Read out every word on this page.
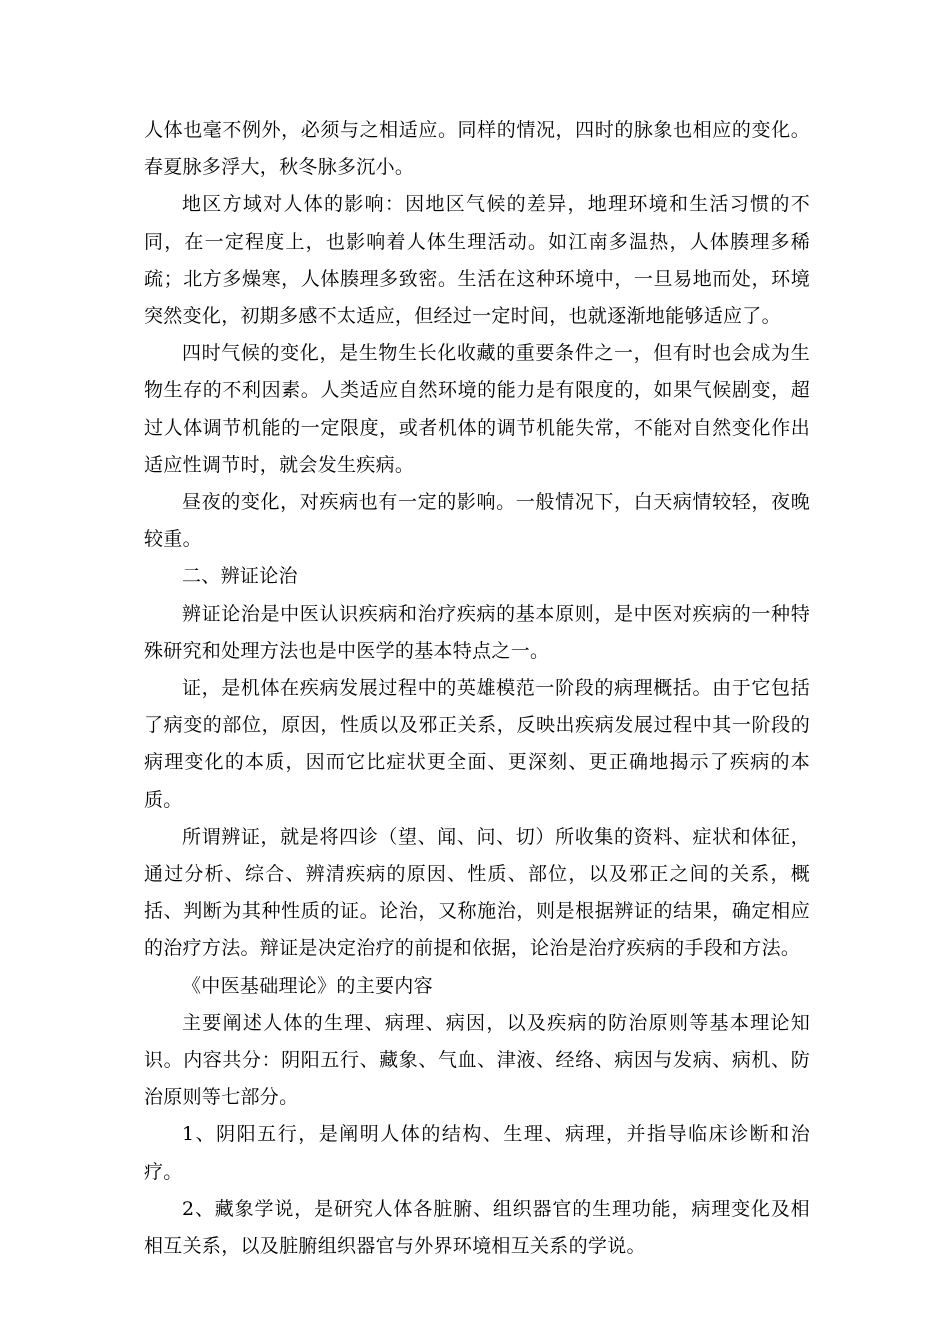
人体也毫不例外，必须与之相适应。同样的情况，四时的脉象也相应的变化。春夏脉多浮大，秋冬脉多沉小。

地区方域对人体的影响：因地区气候的差异，地理环境和生活习惯的不同，在一定程度上，也影响着人体生理活动。如江南多温热，人体腠理多稀疏；北方多燥寒，人体腠理多致密。生活在这种环境中，一旦易地而处，环境突然变化，初期多感不太适应，但经过一定时间，也就逐渐地能够适应了。

四时气候的变化，是生物生长化收藏的重要条件之一，但有时也会成为生物生存的不利因素。人类适应自然环境的能力是有限度的，如果气候剧变，超过人体调节机能的一定限度，或者机体的调节机能失常，不能对自然变化作出适应性调节时，就会发生疾病。

昼夜的变化，对疾病也有一定的影响。一般情况下，白天病情较轻，夜晚较重。

二、辨证论治

辨证论治是中医认识疾病和治疗疾病的基本原则，是中医对疾病的一种特殊研究和处理方法也是中医学的基本特点之一。

证，是机体在疾病发展过程中的英雄模范一阶段的病理概括。由于它包括了病变的部位，原因，性质以及邪正关系，反映出疾病发展过程中其一阶段的病理变化的本质，因而它比症状更全面、更深刻、更正确地揭示了疾病的本质。

所谓辨证，就是将四诊（望、闻、问、切）所收集的资料、症状和体征，通过分析、综合、辨清疾病的原因、性质、部位，以及邪正之间的关系，概括、判断为其种性质的证。论治，又称施治，则是根据辨证的结果，确定相应的治疗方法。辩证是决定治疗的前提和依据，论治是治疗疾病的手段和方法。

《中医基础理论》的主要内容

主要阐述人体的生理、病理、病因，以及疾病的防治原则等基本理论知识。内容共分：阴阳五行、藏象、气血、津液、经络、病因与发病、病机、防治原则等七部分。

1、阴阳五行，是阐明人体的结构、生理、病理，并指导临床诊断和治疗。

2、藏象学说，是研究人体各脏腑、组织器官的生理功能，病理变化及相相互关系，以及脏腑组织器官与外界环境相互关系的学说。
